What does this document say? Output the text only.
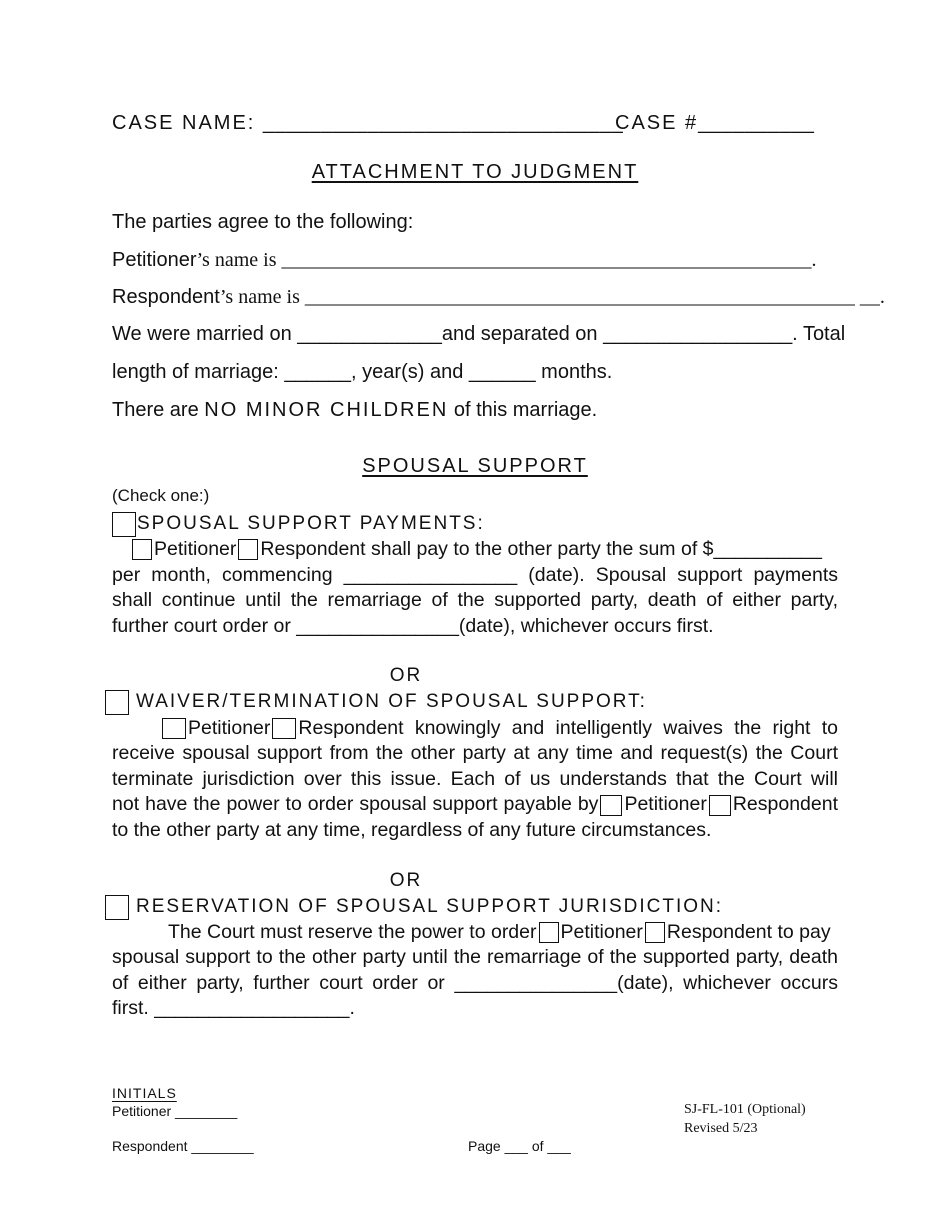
CASE NAME: _______________________________
CASE #__________
ATTACHMENT TO JUDGMENT
The parties agree to the following:
Petitioner’s name is _____________________________________________________.
Respondent’s name is _______________________________________________________ __.
We were married on _____________and separated on _________________. Total
length of marriage: ______, year(s) and ______ months.
There are NO MINOR CHILDREN of this marriage.
SPOUSAL SUPPORT
(Check one:)
SPOUSAL SUPPORT PAYMENTS:
Petitioner Respondent shall pay to the other party the sum of $__________
per month, commencing ________________ (date). Spousal support payments
shall continue until the remarriage of the supported party, death of either party,
further court order or _______________(date), whichever occurs first.
OR
WAIVER/TERMINATION OF SPOUSAL SUPPORT:
Petitioner Respondent knowingly and intelligently waives the right to
receive spousal support from the other party at any time and request(s) the Court
terminate jurisdiction over this issue. Each of us understands that the Court will
not have the power to order spousal support payable by Petitioner Respondent
to the other party at any time, regardless of any future circumstances.
OR
RESERVATION OF SPOUSAL SUPPORT JURISDICTION:
The Court must reserve the power to order Petitioner Respondent to pay
spousal support to the other party until the remarriage of the supported party, death
of either party, further court order or _______________(date), whichever occurs
first. __________________.
INITIALS
Petitioner ________
Respondent ________
SJ-FL-101 (Optional)
Revised 5/23
Page ___ of ___
